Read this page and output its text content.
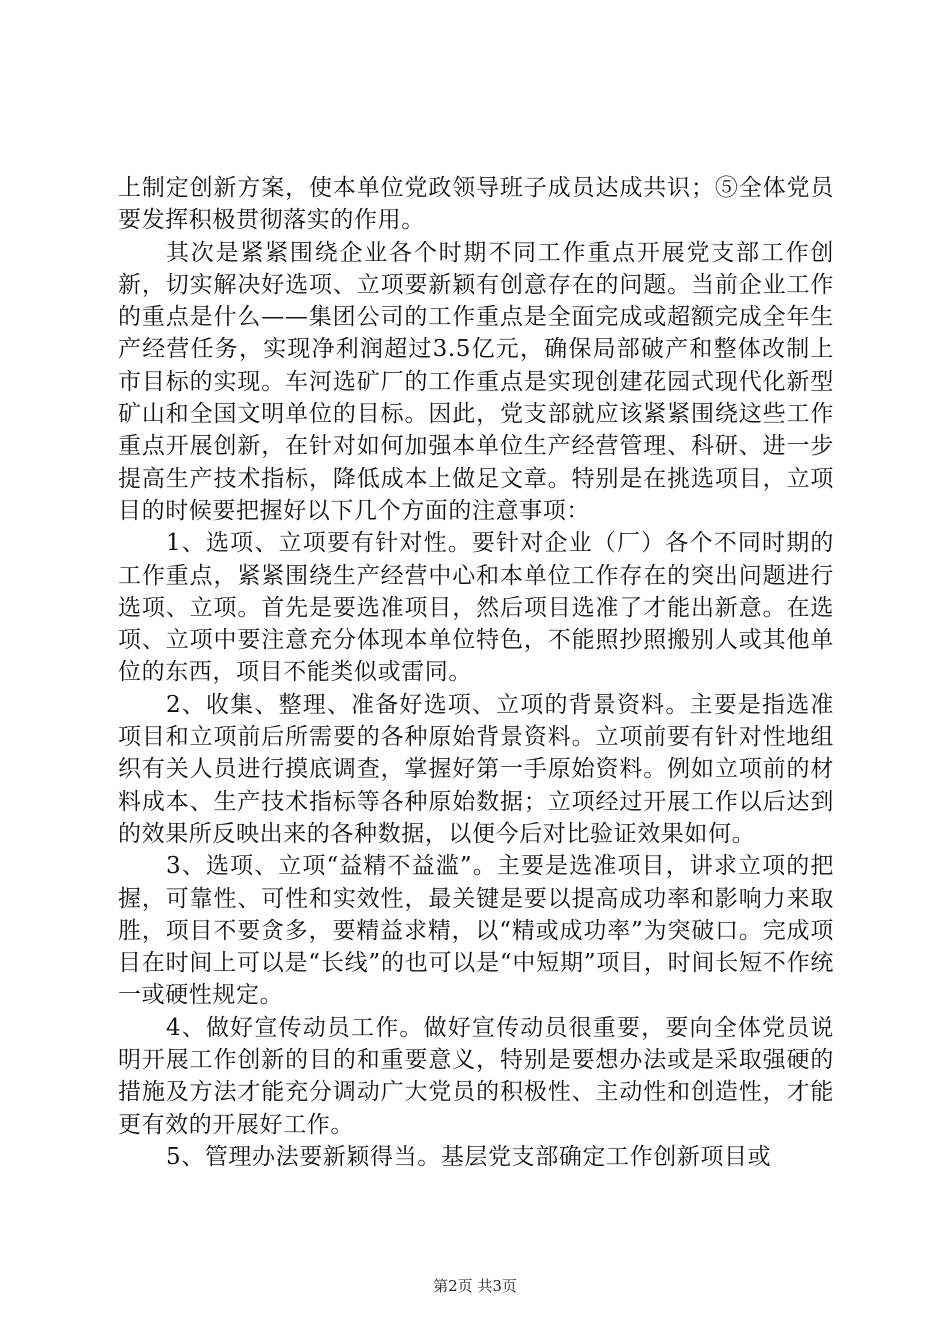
上制定创新方案，使本单位党政领导班子成员达成共识；⑤全体党员要发挥积极贯彻落实的作用。

其次是紧紧围绕企业各个时期不同工作重点开展党支部工作创新，切实解决好选项、立项要新颖有创意存在的问题。当前企业工作的重点是什么——集团公司的工作重点是全面完成或超额完成全年生产经营任务，实现净利润超过3.5亿元，确保局部破产和整体改制上市目标的实现。车河选矿厂的工作重点是实现创建花园式现代化新型矿山和全国文明单位的目标。因此，党支部就应该紧紧围绕这些工作重点开展创新，在针对如何加强本单位生产经营管理、科研、进一步提高生产技术指标，降低成本上做足文章。特别是在挑选项目，立项目的时候要把握好以下几个方面的注意事项：

1、选项、立项要有针对性。要针对企业（厂）各个不同时期的工作重点，紧紧围绕生产经营中心和本单位工作存在的突出问题进行选项、立项。首先是要选准项目，然后项目选准了才能出新意。在选项、立项中要注意充分体现本单位特色，不能照抄照搬别人或其他单位的东西，项目不能类似或雷同。

2、收集、整理、准备好选项、立项的背景资料。主要是指选准项目和立项前后所需要的各种原始背景资料。立项前要有针对性地组织有关人员进行摸底调查，掌握好第一手原始资料。例如立项前的材料成本、生产技术指标等各种原始数据；立项经过开展工作以后达到的效果所反映出来的各种数据，以便今后对比验证效果如何。

3、选项、立项“益精不益滥”。主要是选准项目，讲求立项的把握，可靠性、可性和实效性，最关键是要以提高成功率和影响力来取胜，项目不要贪多，要精益求精，以“精或成功率”为突破口。完成项目在时间上可以是“长线”的也可以是“中短期”项目，时间长短不作统一或硬性规定。

4、做好宣传动员工作。做好宣传动员很重要，要向全体党员说明开展工作创新的目的和重要意义，特别是要想办法或是采取强硬的措施及方法才能充分调动广大党员的积极性、主动性和创造性，才能更有效的开展好工作。

5、管理办法要新颖得当。基层党支部确定工作创新项目或

第2页 共3页
